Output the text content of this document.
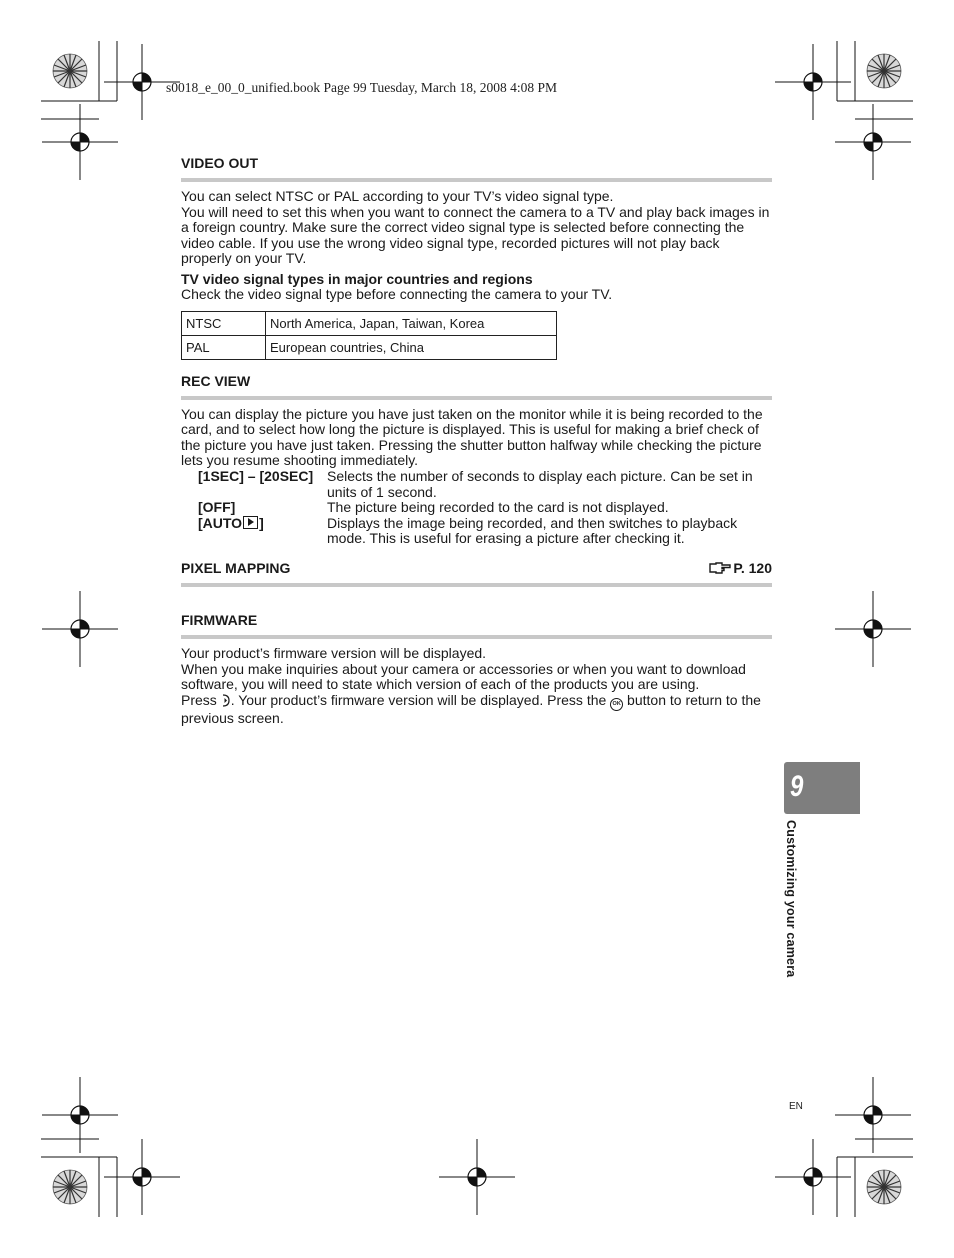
s0018_e_00_0_unified.book Page 99 Tuesday, March 18, 2008 4:08 PM
VIDEO OUT
You can select NTSC or PAL according to your TV’s video signal type.
You will need to set this when you want to connect the camera to a TV and play back images in a foreign country. Make sure the correct video signal type is selected before connecting the video cable. If you use the wrong video signal type, recorded pictures will not play back properly on your TV.
TV video signal types in major countries and regions
Check the video signal type before connecting the camera to your TV.
NTSC	North America, Japan, Taiwan, Korea
PAL	European countries, China
REC VIEW
You can display the picture you have just taken on the monitor while it is being recorded to the card, and to select how long the picture is displayed. This is useful for making a brief check of the picture you have just taken. Pressing the shutter button halfway while checking the picture lets you resume shooting immediately.
[1SEC] – [20SEC] Selects the number of seconds to display each picture. Can be set in units of 1 second.
[OFF]	The picture being recorded to the card is not displayed.
[AUTO ]	Displays the image being recorded, and then switches to playback mode. This is useful for erasing a picture after checking it.
PIXEL MAPPING	P. 120
FIRMWARE
Your product’s firmware version will be displayed.
When you make inquiries about your camera or accessories or when you want to download software, you will need to state which version of each of the products you are using.
Press . Your product’s firmware version will be displayed. Press the OK button to return to the previous screen.
9
Customizing your camera
EN
